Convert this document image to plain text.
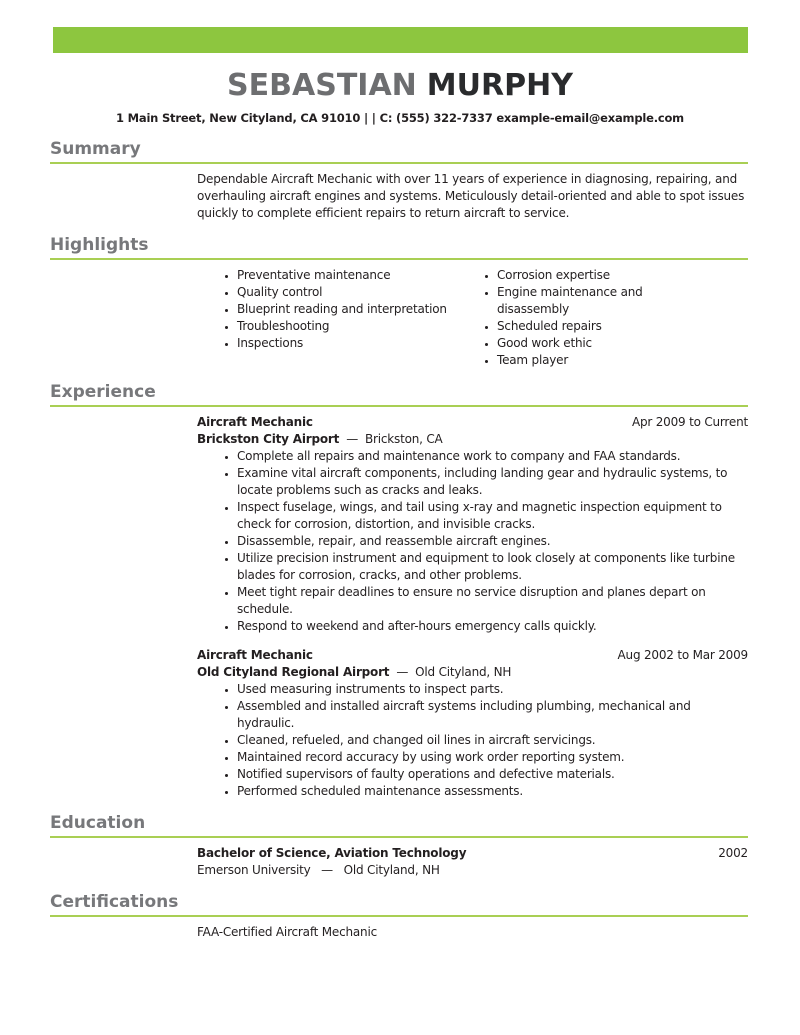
SEBASTIAN MURPHY
1 Main Street, New Cityland, CA 91010 | | C: (555) 322-7337 example-email@example.com
Summary
Dependable Aircraft Mechanic with over 11 years of experience in diagnosing, repairing, and overhauling aircraft engines and systems. Meticulously detail-oriented and able to spot issues quickly to complete efficient repairs to return aircraft to service.
Highlights
• Preventative maintenance
• Quality control
• Blueprint reading and interpretation
• Troubleshooting
• Inspections
• Corrosion expertise
• Engine maintenance and disassembly
• Scheduled repairs
• Good work ethic
• Team player
Experience
Aircraft Mechanic	Apr 2009 to Current
Brickston City Airport — Brickston, CA
• Complete all repairs and maintenance work to company and FAA standards.
• Examine vital aircraft components, including landing gear and hydraulic systems, to locate problems such as cracks and leaks.
• Inspect fuselage, wings, and tail using x-ray and magnetic inspection equipment to check for corrosion, distortion, and invisible cracks.
• Disassemble, repair, and reassemble aircraft engines.
• Utilize precision instrument and equipment to look closely at components like turbine blades for corrosion, cracks, and other problems.
• Meet tight repair deadlines to ensure no service disruption and planes depart on schedule.
• Respond to weekend and after-hours emergency calls quickly.
Aircraft Mechanic	Aug 2002 to Mar 2009
Old Cityland Regional Airport — Old Cityland, NH
• Used measuring instruments to inspect parts.
• Assembled and installed aircraft systems including plumbing, mechanical and hydraulic.
• Cleaned, refueled, and changed oil lines in aircraft servicings.
• Maintained record accuracy by using work order reporting system.
• Notified supervisors of faulty operations and defective materials.
• Performed scheduled maintenance assessments.
Education
Bachelor of Science, Aviation Technology	2002
Emerson University — Old Cityland, NH
Certifications
FAA-Certified Aircraft Mechanic
